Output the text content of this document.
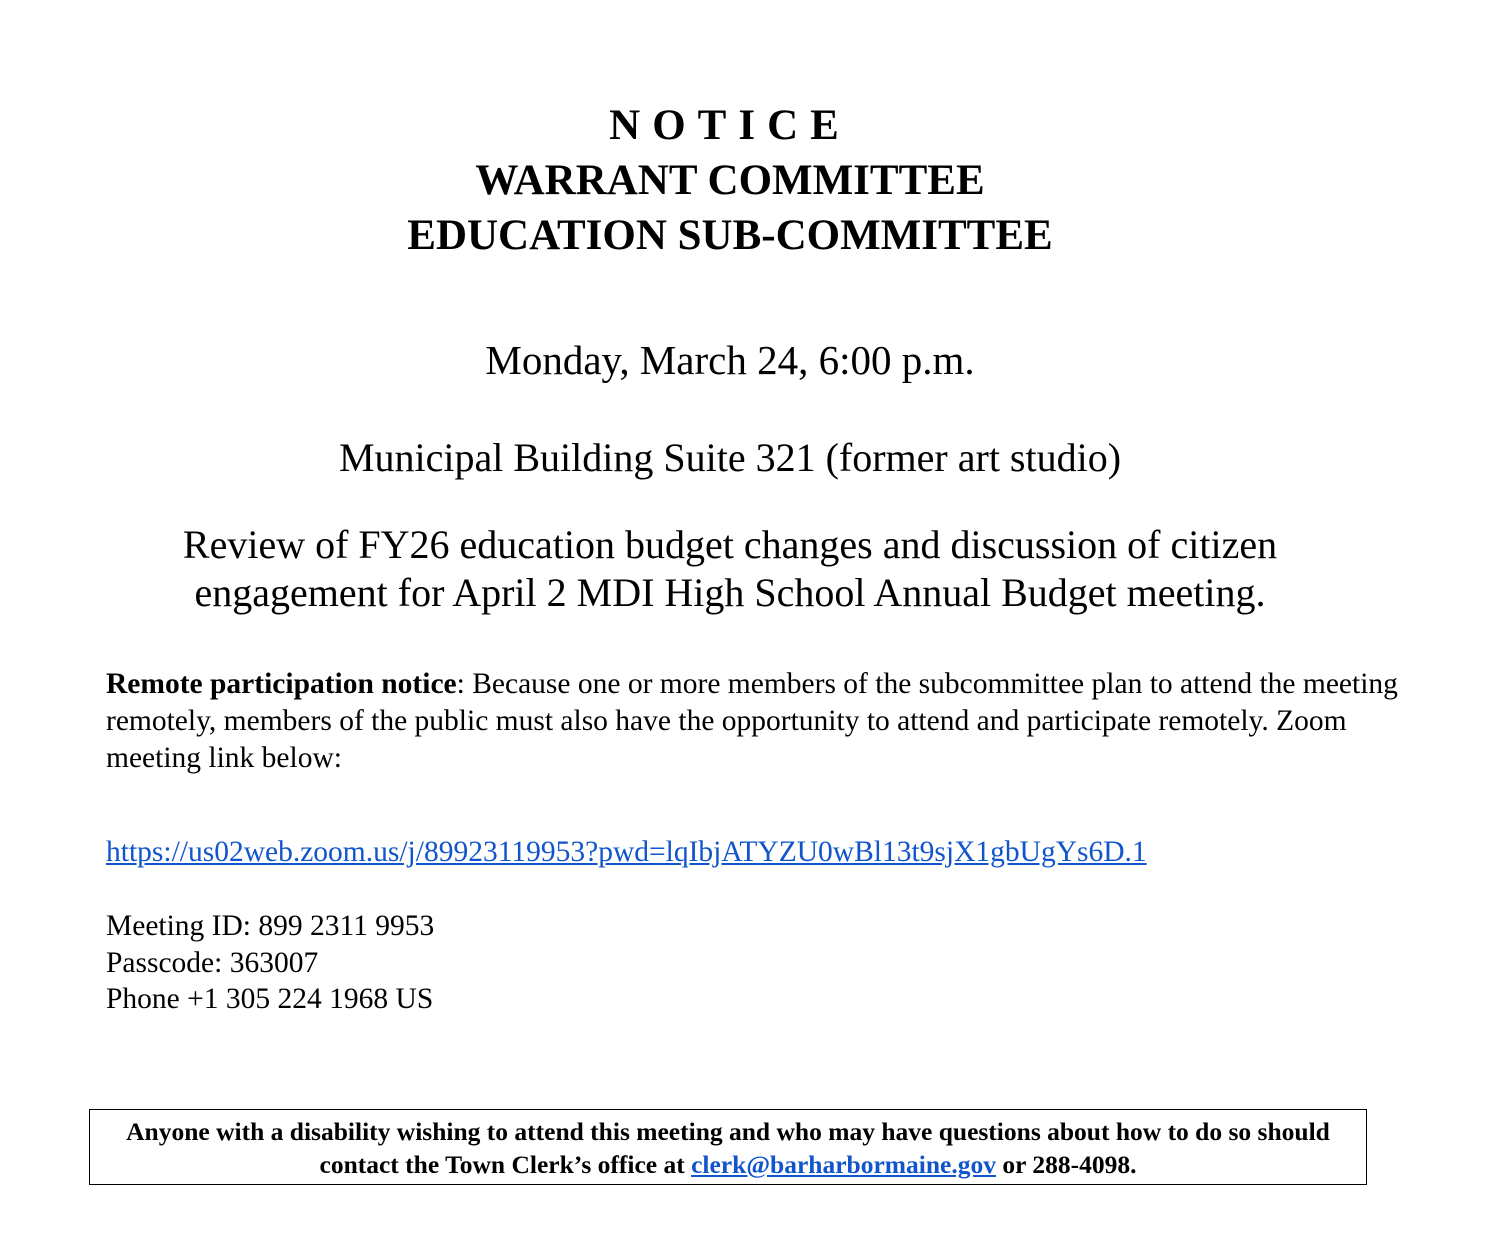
NOTICE
WARRANT COMMITTEE
EDUCATION SUB-COMMITTEE
Monday, March 24, 6:00 p.m.
Municipal Building Suite 321 (former art studio)
Review of FY26 education budget changes and discussion of citizen
engagement for April 2 MDI High School Annual Budget meeting.
Remote participation notice: Because one or more members of the subcommittee plan to attend the meeting remotely, members of the public must also have the opportunity to attend and participate remotely. Zoom meeting link below:
https://us02web.zoom.us/j/89923119953?pwd=lqIbjATYZU0wBl13t9sjX1gbUgYs6D.1
Meeting ID: 899 2311 9953
Passcode: 363007
Phone +1 305 224 1968 US
Anyone with a disability wishing to attend this meeting and who may have questions about how to do so should contact the Town Clerk’s office at clerk@barharbormaine.gov or 288-4098.
